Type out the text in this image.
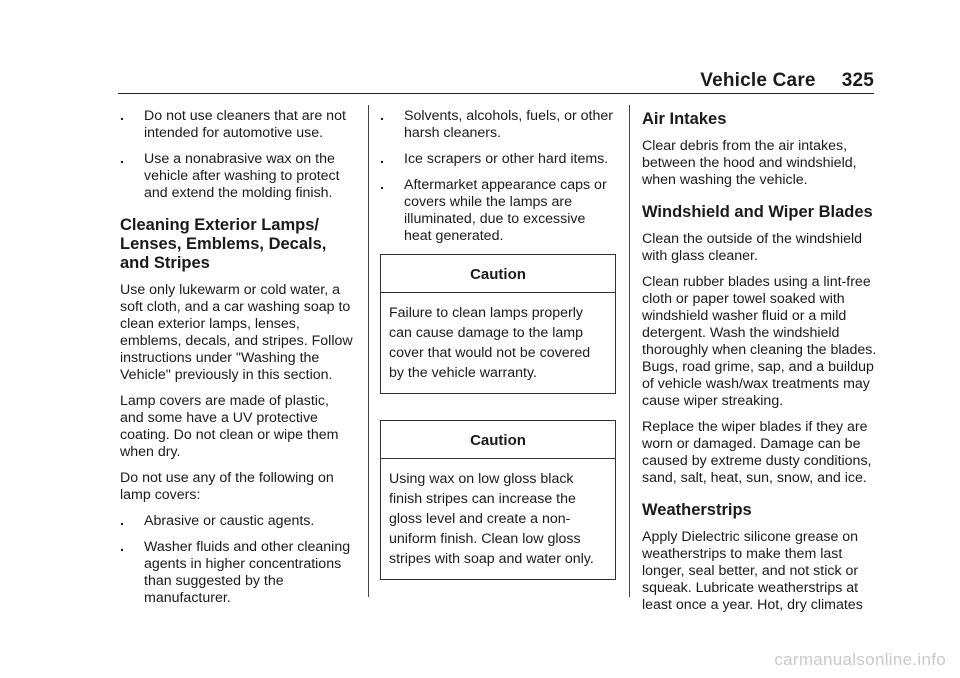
Vehicle Care 325
.	Do not use cleaners that are not intended for automotive use.
.	Use a nonabrasive wax on the vehicle after washing to protect and extend the molding finish.
Cleaning Exterior Lamps/ Lenses, Emblems, Decals, and Stripes

Use only lukewarm or cold water, a soft cloth, and a car washing soap to clean exterior lamps, lenses, emblems, decals, and stripes. Follow instructions under "Washing the Vehicle" previously in this section.

Lamp covers are made of plastic, and some have a UV protective coating. Do not clean or wipe them when dry.

Do not use any of the following on lamp covers:

.	Abrasive or caustic agents.
.	Washer fluids and other cleaning agents in higher concentrations than suggested by the manufacturer.
.	Solvents, alcohols, fuels, or other harsh cleaners.
.	Ice scrapers or other hard items.
.	Aftermarket appearance caps or covers while the lamps are illuminated, due to excessive heat generated.
Caution
Failure to clean lamps properly can cause damage to the lamp cover that would not be covered by the vehicle warranty.
Caution
Using wax on low gloss black finish stripes can increase the gloss level and create a non-uniform finish. Clean low gloss stripes with soap and water only.
Air Intakes

Clear debris from the air intakes, between the hood and windshield, when washing the vehicle.

Windshield and Wiper Blades

Clean the outside of the windshield with glass cleaner.

Clean rubber blades using a lint-free cloth or paper towel soaked with windshield washer fluid or a mild detergent. Wash the windshield thoroughly when cleaning the blades. Bugs, road grime, sap, and a buildup of vehicle wash/wax treatments may cause wiper streaking.

Replace the wiper blades if they are worn or damaged. Damage can be caused by extreme dusty conditions, sand, salt, heat, sun, snow, and ice.

Weatherstrips

Apply Dielectric silicone grease on weatherstrips to make them last longer, seal better, and not stick or squeak. Lubricate weatherstrips at least once a year. Hot, dry climates

carmanualsonline.info
